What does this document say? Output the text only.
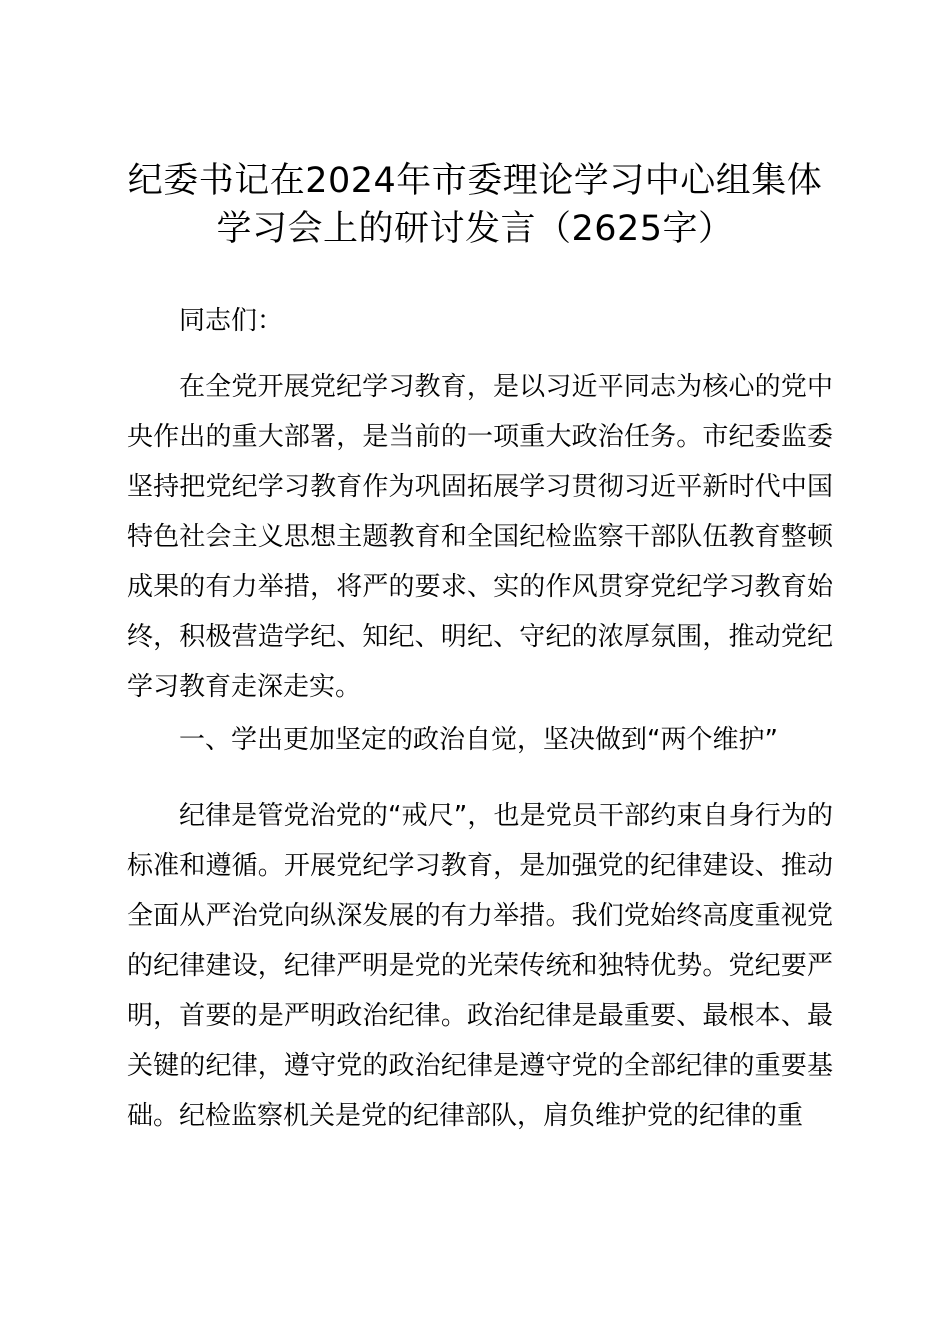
纪委书记在2024年市委理论学习中心组集体
学习会上的研讨发言（2625字）

同志们：

在全党开展党纪学习教育，是以习近平同志为核心的党中央作出的重大部署，是当前的一项重大政治任务。市纪委监委坚持把党纪学习教育作为巩固拓展学习贯彻习近平新时代中国特色社会主义思想主题教育和全国纪检监察干部队伍教育整顿成果的有力举措，将严的要求、实的作风贯穿党纪学习教育始终，积极营造学纪、知纪、明纪、守纪的浓厚氛围，推动党纪学习教育走深走实。

一、学出更加坚定的政治自觉，坚决做到“两个维护”

纪律是管党治党的“戒尺”，也是党员干部约束自身行为的标准和遵循。开展党纪学习教育，是加强党的纪律建设、推动全面从严治党向纵深发展的有力举措。我们党始终高度重视党的纪律建设，纪律严明是党的光荣传统和独特优势。党纪要严明，首要的是严明政治纪律。政治纪律是最重要、最根本、最关键的纪律，遵守党的政治纪律是遵守党的全部纪律的重要基础。纪检监察机关是党的纪律部队，肩负维护党的纪律的重
